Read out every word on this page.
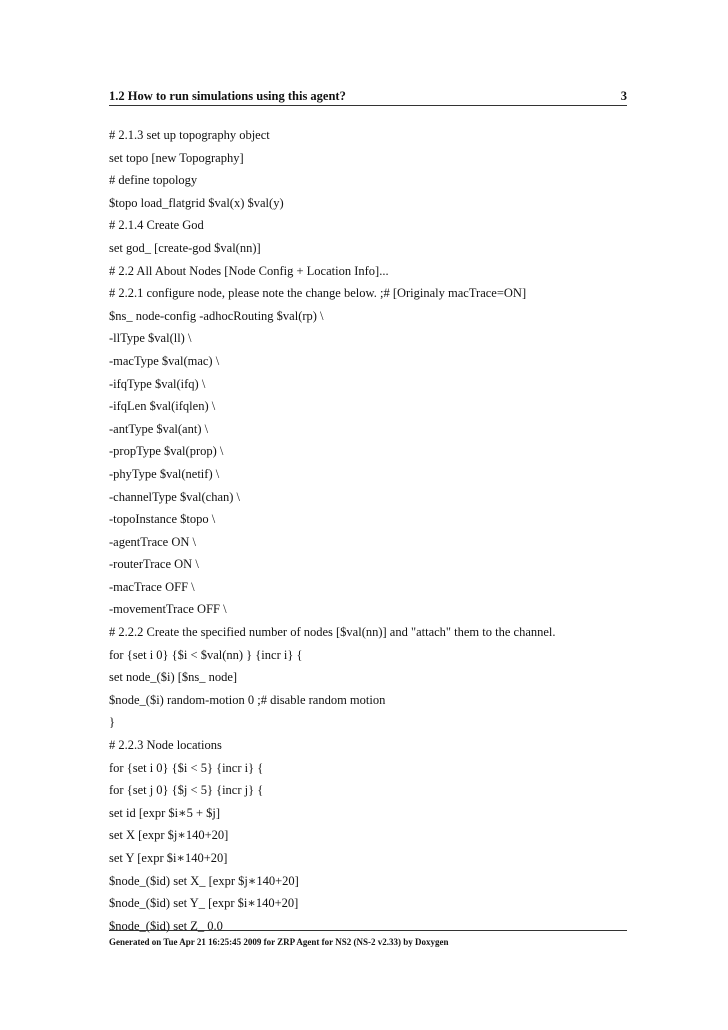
1.2 How to run simulations using this agent?	3
# 2.1.3 set up topography object
set topo [new Topography]
# define topology
$topo load_flatgrid $val(x) $val(y)
# 2.1.4 Create God
set god_ [create-god $val(nn)]
# 2.2 All About Nodes [Node Config + Location Info]...
# 2.2.1 configure node, please note the change below. ;# [Originaly macTrace=ON]
$ns_ node-config -adhocRouting $val(rp) \
-llType $val(ll) \
-macType $val(mac) \
-ifqType $val(ifq) \
-ifqLen $val(ifqlen) \
-antType $val(ant) \
-propType $val(prop) \
-phyType $val(netif) \
-channelType $val(chan) \
-topoInstance $topo \
-agentTrace ON \
-routerTrace ON \
-macTrace OFF \
-movementTrace OFF \
# 2.2.2 Create the specified number of nodes [$val(nn)] and "attach" them to the channel.
for {set i 0} {$i < $val(nn) } {incr i} {
set node_($i) [$ns_ node]
$node_($i) random-motion 0 ;# disable random motion
}
# 2.2.3 Node locations
for {set i 0} {$i < 5} {incr i} {
for {set j 0} {$j < 5} {incr j} {
set id [expr $i∗5 + $j]
set X [expr $j∗140+20]
set Y [expr $i∗140+20]
$node_($id) set X_ [expr $j∗140+20]
$node_($id) set Y_ [expr $i∗140+20]
$node_($id) set Z_ 0.0
Generated on Tue Apr 21 16:25:45 2009 for ZRP Agent for NS2 (NS-2 v2.33) by Doxygen
